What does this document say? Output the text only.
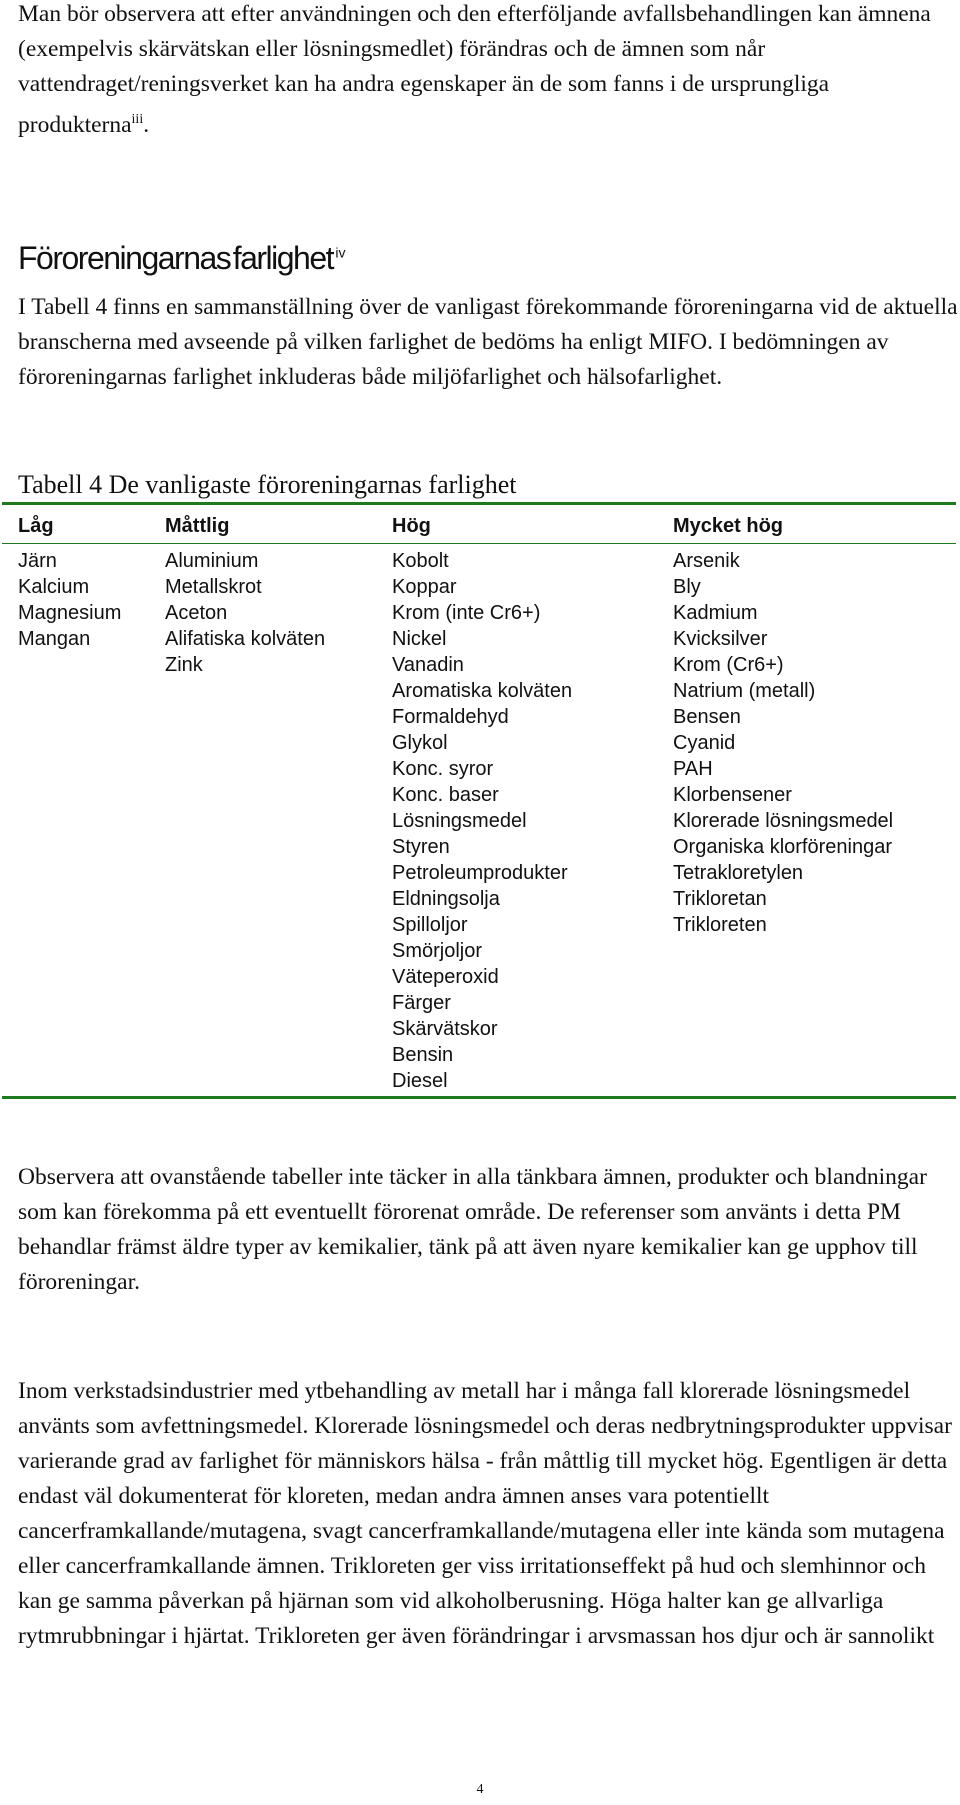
Man bör observera att efter användningen och den efterföljande avfallsbehandlingen kan ämnena (exempelvis skärvätskan eller lösningsmedlet) förändras och de ämnen som når vattendraget/reningsverket kan ha andra egenskaper än de som fanns i de ursprungliga produkterna$^{iii}$.
Föroreningarnas farlighet $^{iv}$
I Tabell 4 finns en sammanställning över de vanligast förekommande föroreningarna vid de aktuella branscherna med avseende på vilken farlighet de bedöms ha enligt MIFO. I bedömningen av föroreningarnas farlighet inkluderas både miljöfarlighet och hälsofarlighet.
Tabell 4 De vanligaste föroreningarnas farlighet
Låg	Måttlig	Hög	Mycket hög

Järn	Aluminium	Kobolt	Arsenik
Kalcium	Metallskrot	Koppar	Bly
Magnesium	Aceton	Krom (inte Cr6+)	Kadmium
Mangan	Alifatiska kolväten	Nickel	Kvicksilver
	Zink	Vanadin	Krom (Cr6+)
		Aromatiska kolväten	Natrium (metall)
		Formaldehyd	Bensen
		Glykol	Cyanid
		Konc. syror	PAH
		Konc. baser	Klorbensener
		Lösningsmedel	Klorerade lösningsmedel
		Styren	Organiska klorföreningar
		Petroleumprodukter	Tetrakloretylen
		Eldningsolja	Trikloretan
		Spilloljor	Trikloreten
		Smörjoljor	
		Väteperoxid	
		Färger	
		Skärvätskor	
		Bensin	
		Diesel	
Observera att ovanstående tabeller inte täcker in alla tänkbara ämnen, produkter och blandningar som kan förekomma på ett eventuellt förorenat område. De referenser som använts i detta PM behandlar främst äldre typer av kemikalier, tänk på att även nyare kemikalier kan ge upphov till föroreningar.
Inom verkstadsindustrier med ytbehandling av metall har i många fall klorerade lösningsmedel använts som avfettningsmedel. Klorerade lösningsmedel och deras nedbrytningsprodukter uppvisar varierande grad av farlighet för människors hälsa - från måttlig till mycket hög. Egentligen är detta endast väl dokumenterat för kloreten, medan andra ämnen anses vara potentiellt cancerframkallande/mutagena, svagt cancerframkallande/mutagena eller inte kända som mutagena eller cancerframkallande ämnen. Trikloreten ger viss irritationseffekt på hud och slemhinnor och kan ge samma påverkan på hjärnan som vid alkoholberusning. Höga halter kan ge allvarliga rytmrubbningar i hjärtat. Trikloreten ger även förändringar i arvsmassan hos djur och är sannolikt
4
